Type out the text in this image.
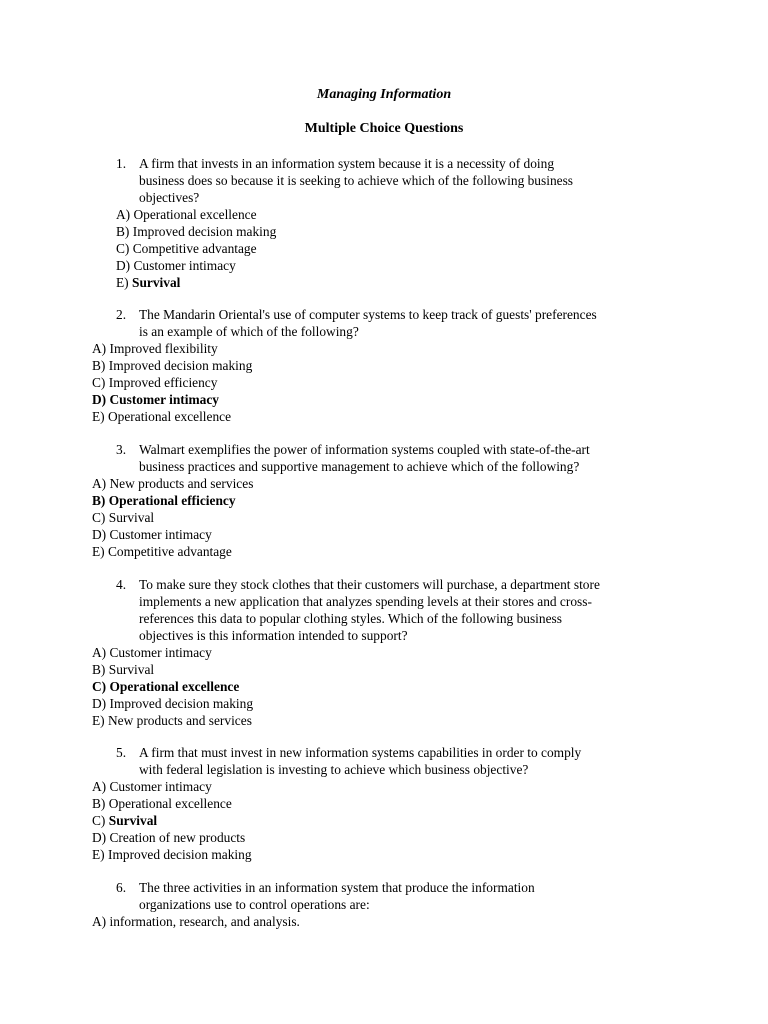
Managing Information
Multiple Choice Questions
1. A firm that invests in an information system because it is a necessity of doing
business does so because it is seeking to achieve which of the following business
objectives?
A) Operational excellence
B) Improved decision making
C) Competitive advantage
D) Customer intimacy
E) Survival
2. The Mandarin Oriental's use of computer systems to keep track of guests' preferences
is an example of which of the following?
A) Improved flexibility
B) Improved decision making
C) Improved efficiency
D) Customer intimacy
E) Operational excellence
3. Walmart exemplifies the power of information systems coupled with state-of-the-art
business practices and supportive management to achieve which of the following?
A) New products and services
B) Operational efficiency
C) Survival
D) Customer intimacy
E) Competitive advantage
4. To make sure they stock clothes that their customers will purchase, a department store
implements a new application that analyzes spending levels at their stores and cross-
references this data to popular clothing styles. Which of the following business
objectives is this information intended to support?
A) Customer intimacy
B) Survival
C) Operational excellence
D) Improved decision making
E) New products and services
5. A firm that must invest in new information systems capabilities in order to comply
with federal legislation is investing to achieve which business objective?
A) Customer intimacy
B) Operational excellence
C) Survival
D) Creation of new products
E) Improved decision making
6. The three activities in an information system that produce the information
organizations use to control operations are:
A) information, research, and analysis.
